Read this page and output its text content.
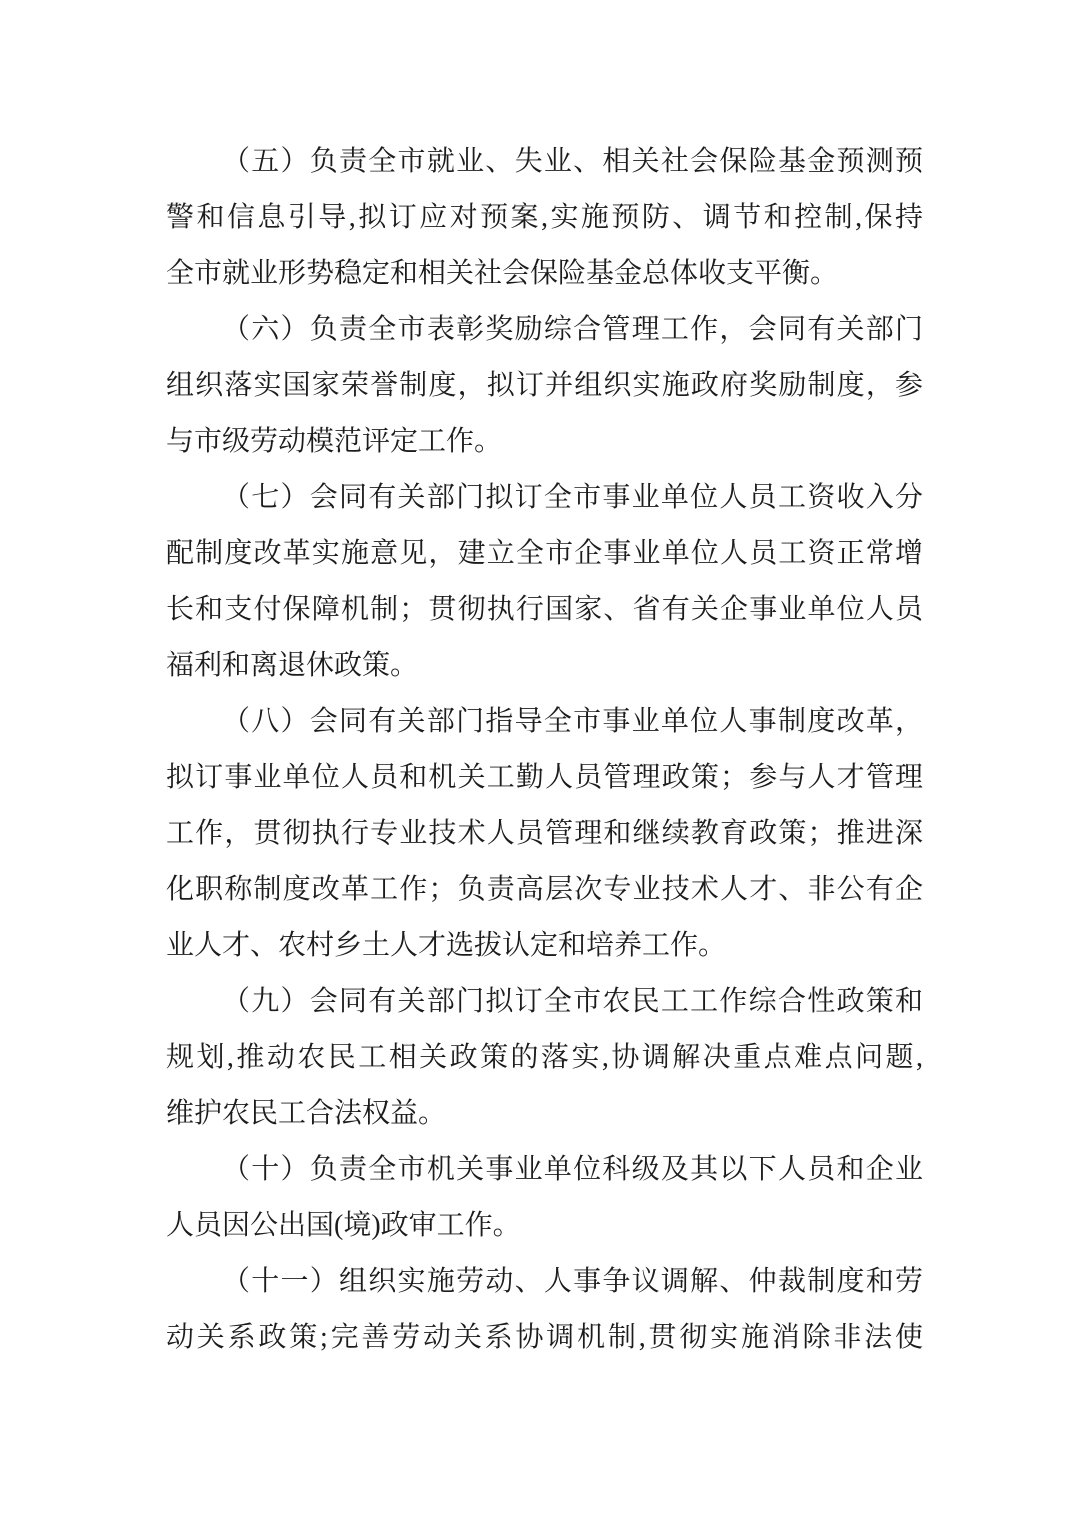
（五）负责全市就业、失业、相关社会保险基金预测预
警和信息引导,拟订应对预案,实施预防、调节和控制,保持
全市就业形势稳定和相关社会保险基金总体收支平衡。
（六）负责全市表彰奖励综合管理工作，会同有关部门
组织落实国家荣誉制度，拟订并组织实施政府奖励制度，参
与市级劳动模范评定工作。
（七）会同有关部门拟订全市事业单位人员工资收入分
配制度改革实施意见，建立全市企事业单位人员工资正常增
长和支付保障机制；贯彻执行国家、省有关企事业单位人员
福利和离退休政策。
（八）会同有关部门指导全市事业单位人事制度改革，
拟订事业单位人员和机关工勤人员管理政策；参与人才管理
工作，贯彻执行专业技术人员管理和继续教育政策；推进深
化职称制度改革工作；负责高层次专业技术人才、非公有企
业人才、农村乡土人才选拔认定和培养工作。
（九）会同有关部门拟订全市农民工工作综合性政策和
规划,推动农民工相关政策的落实,协调解决重点难点问题,
维护农民工合法权益。
（十）负责全市机关事业单位科级及其以下人员和企业
人员因公出国(境)政审工作。
（十一）组织实施劳动、人事争议调解、仲裁制度和劳
动关系政策;完善劳动关系协调机制,贯彻实施消除非法使
